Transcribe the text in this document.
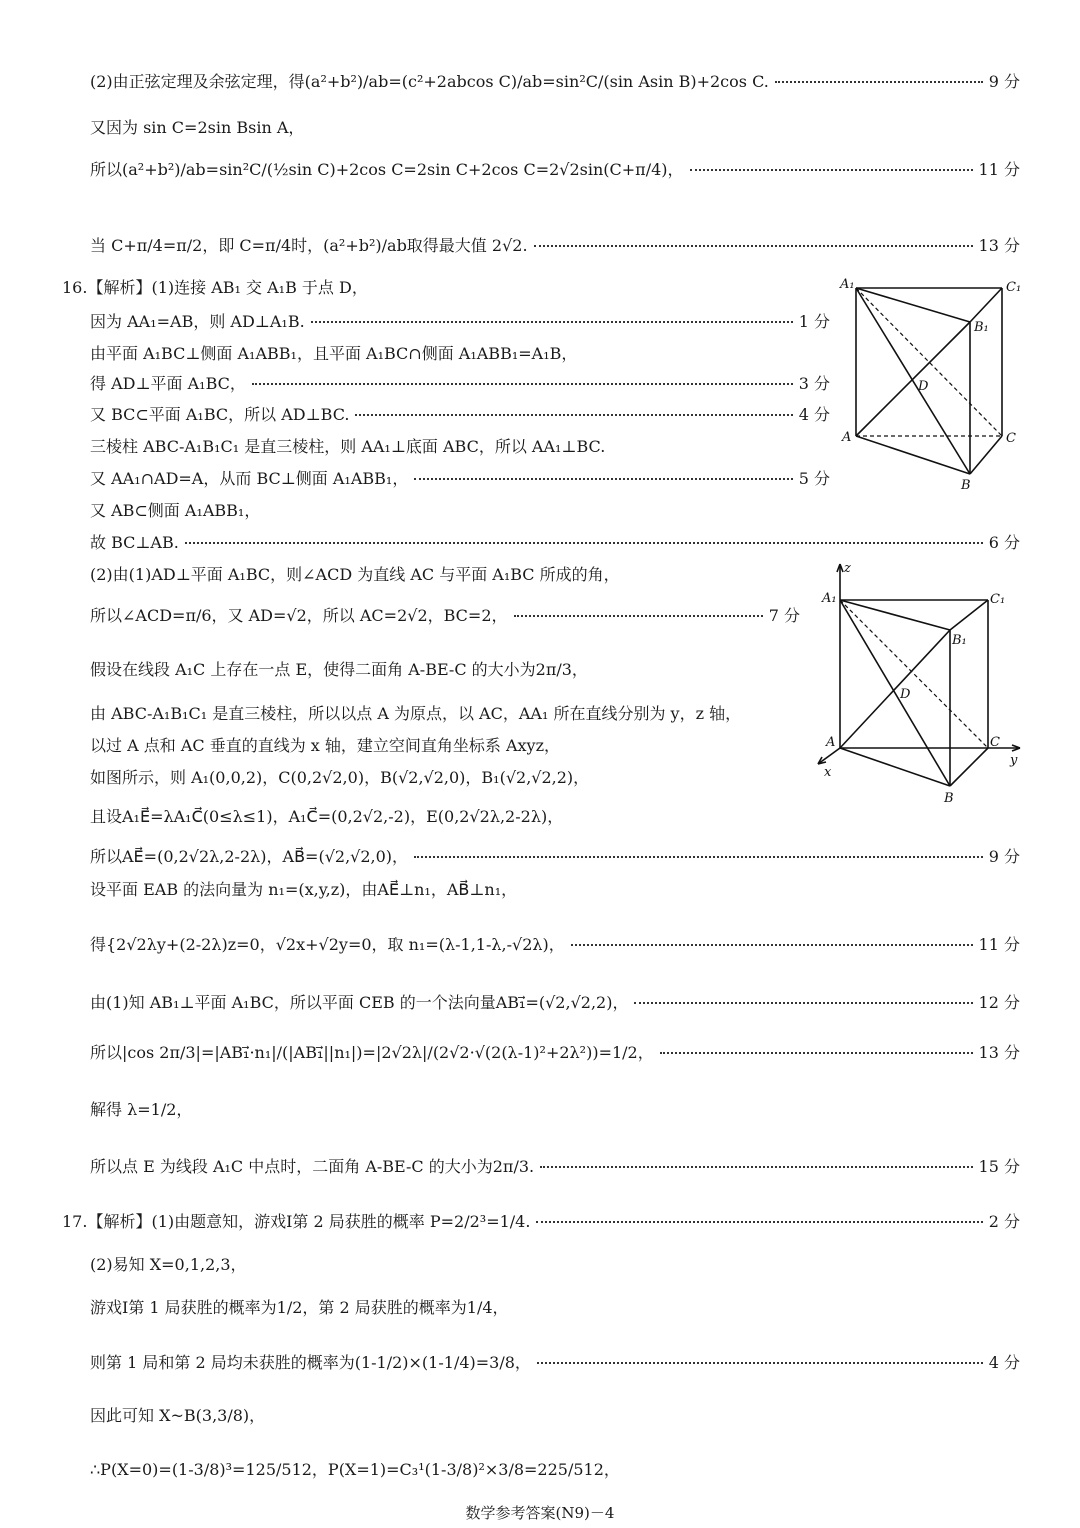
(2)由正弦定理及余弦定理，得(a²+b²)/ab=(c²+2abcos C)/ab=sin²C/(sin Asin B)+2cos C.	9 分
又因为 sin C=2sin Bsin A，
所以(a²+b²)/ab=sin²C/(½sin C)+2cos C=2sin C+2cos C=2√2sin(C+π/4)，	11 分
当 C+π/4=π/2，即 C=π/4时，(a²+b²)/ab取得最大值 2√2.	13 分
16.【解析】(1)连接 AB₁ 交 A₁B 于点 D，
因为 AA₁=AB，则 AD⊥A₁B.	1 分
由平面 A₁BC⊥侧面 A₁ABB₁，且平面 A₁BC∩侧面 A₁ABB₁=A₁B，
得 AD⊥平面 A₁BC，	3 分
又 BC⊂平面 A₁BC，所以 AD⊥BC.	4 分
三棱柱 ABC-A₁B₁C₁ 是直三棱柱，则 AA₁⊥底面 ABC，所以 AA₁⊥BC.
又 AA₁∩AD=A，从而 BC⊥侧面 A₁ABB₁，	5 分
又 AB⊂侧面 A₁ABB₁，
故 BC⊥AB.	6 分
(2)由(1)AD⊥平面 A₁BC，则∠ACD 为直线 AC 与平面 A₁BC 所成的角，
所以∠ACD=π/6，又 AD=√2，所以 AC=2√2，BC=2，	7 分
假设在线段 A₁C 上存在一点 E，使得二面角 A-BE-C 的大小为2π/3，
由 ABC-A₁B₁C₁ 是直三棱柱，所以以点 A 为原点，以 AC，AA₁ 所在直线分别为 y，z 轴，
以过 A 点和 AC 垂直的直线为 x 轴，建立空间直角坐标系 Axyz，
如图所示，则 A₁(0,0,2)，C(0,2√2,0)，B(√2,√2,0)，B₁(√2,√2,2)，
且设A₁E⃗=λA₁C⃗(0≤λ≤1)，A₁C⃗=(0,2√2,-2)，E(0,2√2λ,2-2λ)，
所以AE⃗=(0,2√2λ,2-2λ)，AB⃗=(√2,√2,0)，	9 分
设平面 EAB 的法向量为 n₁=(x,y,z)，由AE⃗⊥n₁，AB⃗⊥n₁，
得{2√2λy+(2-2λ)z=0，√2x+√2y=0，取 n₁=(λ-1,1-λ,-√2λ)，	11 分
由(1)知 AB₁⊥平面 A₁BC，所以平面 CEB 的一个法向量AB₁⃗=(√2,√2,2)，	12 分
所以|cos 2π/3|=|AB₁⃗·n₁|/(|AB₁⃗||n₁|)=|2√2λ|/(2√2·√(2(λ-1)²+2λ²))=1/2，	13 分
解得 λ=1/2，
所以点 E 为线段 A₁C 中点时，二面角 A-BE-C 的大小为2π/3.	15 分
17.【解析】(1)由题意知，游戏Ⅰ第 2 局获胜的概率 P=2/2³=1/4.	2 分
(2)易知 X=0,1,2,3，
游戏Ⅰ第 1 局获胜的概率为1/2，第 2 局获胜的概率为1/4，
则第 1 局和第 2 局均未获胜的概率为(1-1/2)×(1-1/4)=3/8，	4 分
因此可知 X~B(3,3/8)，
∴P(X=0)=(1-3/8)³=125/512，P(X=1)=C₃¹(1-3/8)²×3/8=225/512，
A₁	C₁
B₁
D
A	C
B
z
A₁	C₁
B₁
D
A	C
y
x
B
数学参考答案(N9)－4
